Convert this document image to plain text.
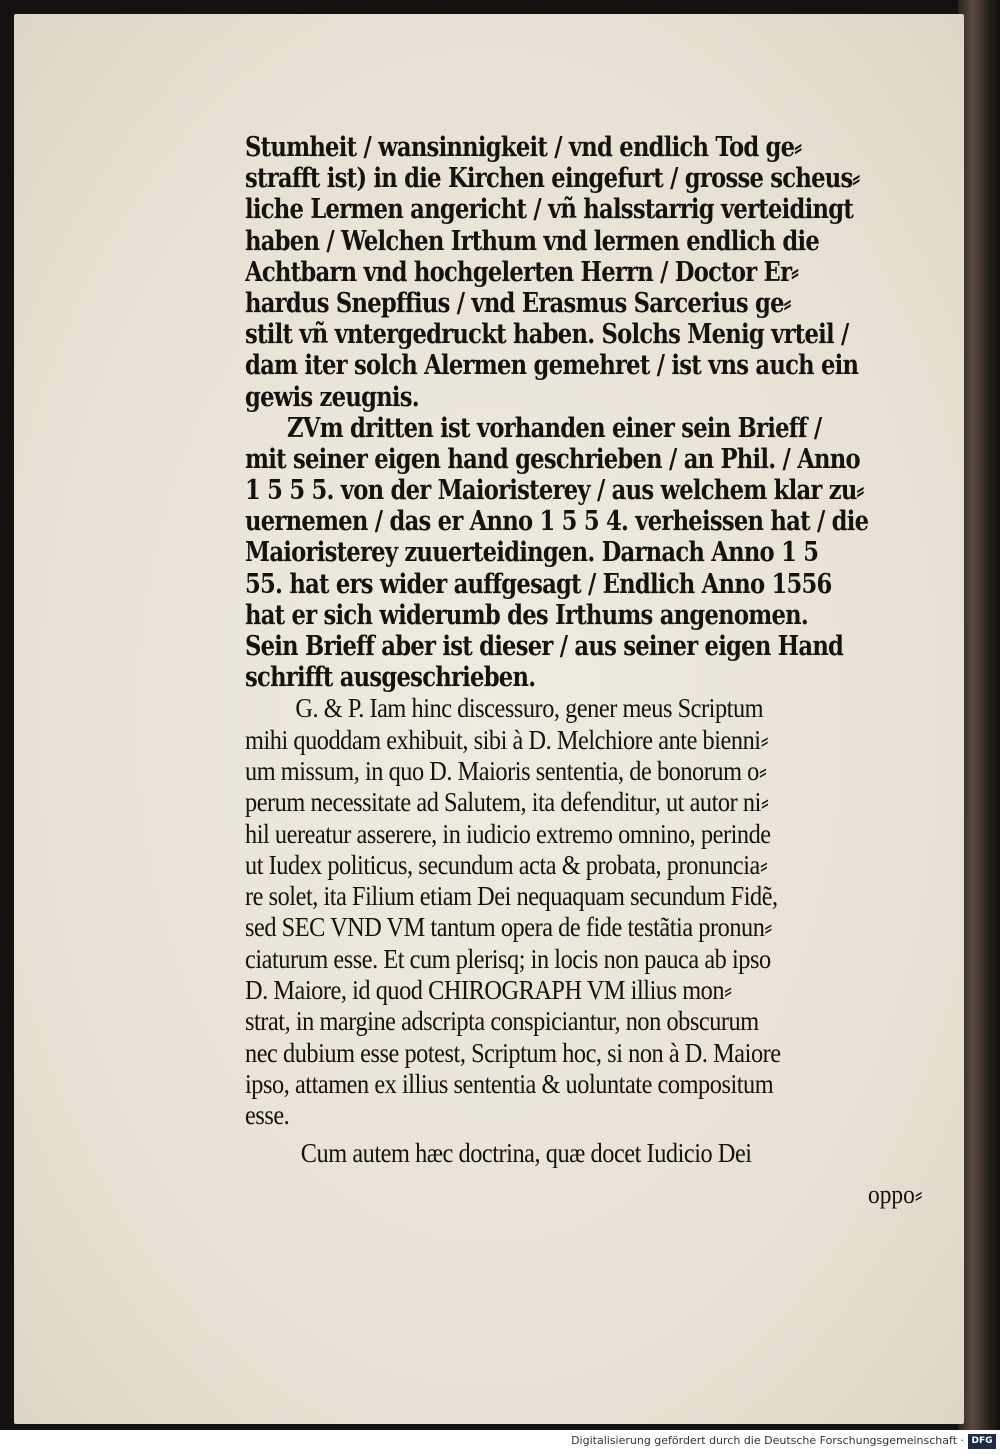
Stumheit / wansinnigkeit / vnd endlich Tod ge⸗
strafft ist) in die Kirchen eingefurt / grosse scheus⸗
liche Lermen angericht / vñ halsstarrig verteidingt
haben / Welchen Irthum vnd lermen endlich die
Achtbarn vnd hochgelerten Herrn / Doctor Er⸗
hardus Snepffius / vnd Erasmus Sarcerius ge⸗
stilt vñ vntergedruckt haben. Solchs Menig vrteil /
dam iter solch Alermen gemehret / ist vns auch ein
gewis zeugnis.
ZVm dritten ist vorhanden einer sein Brieff /
mit seiner eigen hand geschrieben / an Phil. / Anno
1 5 5 5. von der Maioristerey / aus welchem klar zu⸗
uernemen / das er Anno 1 5 5 4. verheissen hat / die
Maioristerey zuuerteidingen. Darnach Anno 1 5
55. hat ers wider auffgesagt / Endlich Anno 1556
hat er sich widerumb des Irthums angenomen.
Sein Brieff aber ist dieser / aus seiner eigen Hand
schrifft ausgeschrieben.
G. & P. Iam hinc discessuro, gener meus Scriptum
mihi quoddam exhibuit, sibi à D. Melchiore ante bienni⸗
um missum, in quo D. Maioris sententia, de bonorum o⸗
perum necessitate ad Salutem, ita defenditur, ut autor ni⸗
hil uereatur asserere, in iudicio extremo omnino, perinde
ut Iudex politicus, secundum acta & probata, pronuncia⸗
re solet, ita Filium etiam Dei nequaquam secundum Fidẽ,
sed SEC VND VM tantum opera de fide testãtia pronun⸗
ciaturum esse. Et cum plerisq; in locis non pauca ab ipso
D. Maiore, id quod CHIROGRAPH VM illius mon⸗
strat, in margine adscripta conspiciantur, non obscurum
nec dubium esse potest, Scriptum hoc, si non à D. Maiore
ipso, attamen ex illius sententia & uoluntate compositum
esse.
Cum autem hæc doctrina, quæ docet Iudicio Dei
oppo⸗
Digitalisierung gefördert durch die Deutsche Forschungsgemeinschaft · DFG
